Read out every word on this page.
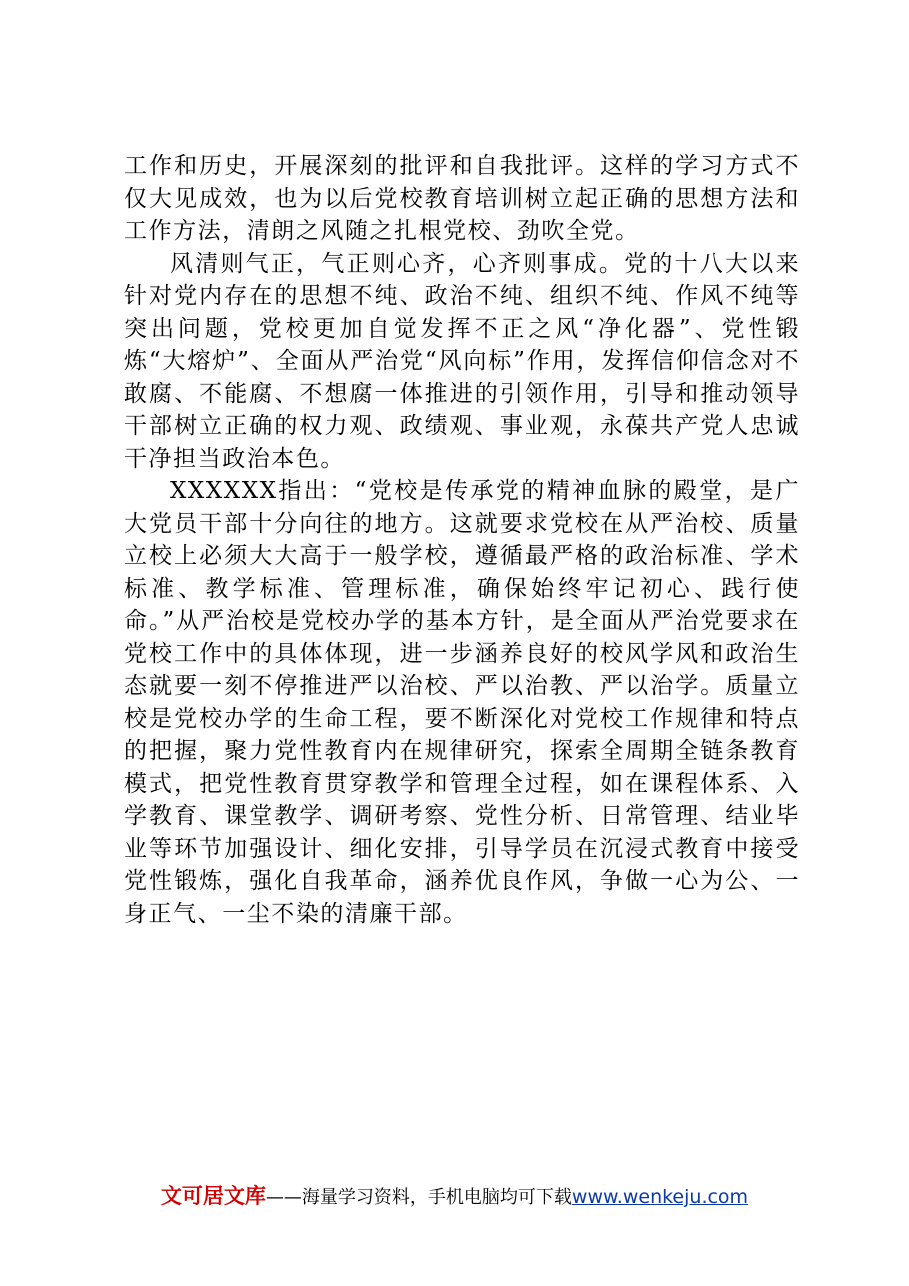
工作和历史，开展深刻的批评和自我批评。这样的学习方式不仅大见成效，也为以后党校教育培训树立起正确的思想方法和工作方法，清朗之风随之扎根党校、劲吹全党。

风清则气正，气正则心齐，心齐则事成。党的十八大以来针对党内存在的思想不纯、政治不纯、组织不纯、作风不纯等突出问题，党校更加自觉发挥不正之风“净化器”、党性锻炼“大熔炉”、全面从严治党“风向标”作用，发挥信仰信念对不敢腐、不能腐、不想腐一体推进的引领作用，引导和推动领导干部树立正确的权力观、政绩观、事业观，永葆共产党人忠诚干净担当政治本色。

XXXXXX指出：“党校是传承党的精神血脉的殿堂，是广大党员干部十分向往的地方。这就要求党校在从严治校、质量立校上必须大大高于一般学校，遵循最严格的政治标准、学术标准、教学标准、管理标准，确保始终牢记初心、践行使命。”从严治校是党校办学的基本方针，是全面从严治党要求在党校工作中的具体体现，进一步涵养良好的校风学风和政治生态就要一刻不停推进严以治校、严以治教、严以治学。质量立校是党校办学的生命工程，要不断深化对党校工作规律和特点的把握，聚力党性教育内在规律研究，探索全周期全链条教育模式，把党性教育贯穿教学和管理全过程，如在课程体系、入学教育、课堂教学、调研考察、党性分析、日常管理、结业毕业等环节加强设计、细化安排，引导学员在沉浸式教育中接受党性锻炼，强化自我革命，涵养优良作风，争做一心为公、一身正气、一尘不染的清廉干部。

文可居文库——海量学习资料，手机电脑均可下载www.wenkeju.com
